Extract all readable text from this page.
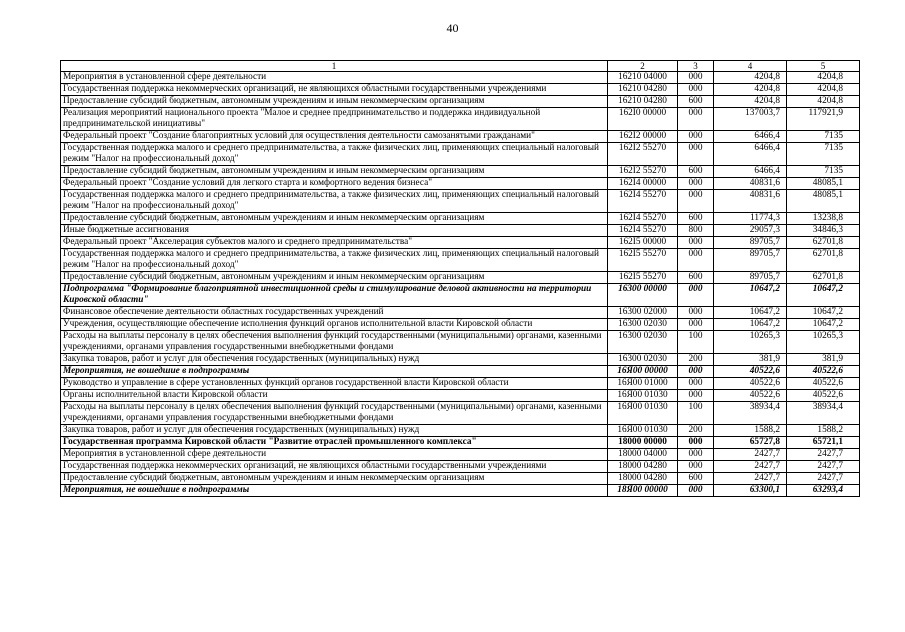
40
1	2	3	4	5
Мероприятия в установленной сфере деятельности	16210 04000	000	4204,8	4204,8
Государственная поддержка некоммерческих организаций, не являющихся областными государственными учреждениями	16210 04280	000	4204,8	4204,8
Предоставление субсидий бюджетным, автономным учреждениям и иным некоммерческим организациям	16210 04280	600	4204,8	4204,8
Реализация мероприятий национального проекта "Малое и среднее предпринимательство и поддержка индивидуальной предпринимательской инициативы"	162I0 00000	000	137003,7	117921,9
Федеральный проект "Создание благоприятных условий для осуществления деятельности самозанятыми гражданами"	162I2 00000	000	6466,4	7135
Государственная поддержка малого и среднего предпринимательства, а также физических лиц, применяющих специальный налоговый режим "Налог на профессиональный доход"	162I2 55270	000	6466,4	7135
Предоставление субсидий бюджетным, автономным учреждениям и иным некоммерческим организациям	162I2 55270	600	6466,4	7135
Федеральный проект "Создание условий для легкого старта и комфортного ведения бизнеса"	162I4 00000	000	40831,6	48085,1
Государственная поддержка малого и среднего предпринимательства, а также физических лиц, применяющих специальный налоговый режим "Налог на профессиональный доход"	162I4 55270	000	40831,6	48085,1
Предоставление субсидий бюджетным, автономным учреждениям и иным некоммерческим организациям	162I4 55270	600	11774,3	13238,8
Иные бюджетные ассигнования	162I4 55270	800	29057,3	34846,3
Федеральный проект "Акселерация субъектов малого и среднего предпринимательства"	162I5 00000	000	89705,7	62701,8
Государственная поддержка малого и среднего предпринимательства, а также физических лиц, применяющих специальный налоговый режим "Налог на профессиональный доход"	162I5 55270	000	89705,7	62701,8
Предоставление субсидий бюджетным, автономным учреждениям и иным некоммерческим организациям	162I5 55270	600	89705,7	62701,8
Подпрограмма "Формирование благоприятной инвестиционной среды и стимулирование деловой активности на территории Кировской области"	16300 00000	000	10647,2	10647,2
Финансовое обеспечение деятельности областных государственных учреждений	16300 02000	000	10647,2	10647,2
Учреждения, осуществляющие обеспечение исполнения функций органов исполнительной власти Кировской области	16300 02030	000	10647,2	10647,2
Расходы на выплаты персоналу в целях обеспечения выполнения функций государственными (муниципальными) органами, казенными учреждениями, органами управления государственными внебюджетными фондами	16300 02030	100	10265,3	10265,3
Закупка товаров, работ и услуг для обеспечения государственных (муниципальных) нужд	16300 02030	200	381,9	381,9
Мероприятия, не вошедшие в подпрограммы	16Я00 00000	000	40522,6	40522,6
Руководство и управление в сфере установленных функций органов государственной власти Кировской области	16Я00 01000	000	40522,6	40522,6
Органы исполнительной власти Кировской области	16Я00 01030	000	40522,6	40522,6
Расходы на выплаты персоналу в целях обеспечения выполнения функций государственными (муниципальными) органами, казенными учреждениями, органами управления государственными внебюджетными фондами	16Я00 01030	100	38934,4	38934,4
Закупка товаров, работ и услуг для обеспечения государственных (муниципальных) нужд	16Я00 01030	200	1588,2	1588,2
Государственная программа Кировской области "Развитие отраслей промышленного комплекса"	18000 00000	000	65727,8	65721,1
Мероприятия в установленной сфере деятельности	18000 04000	000	2427,7	2427,7
Государственная поддержка некоммерческих организаций, не являющихся областными государственными учреждениями	18000 04280	000	2427,7	2427,7
Предоставление субсидий бюджетным, автономным учреждениям и иным некоммерческим организациям	18000 04280	600	2427,7	2427,7
Мероприятия, не вошедшие в подпрограммы	18Я00 00000	000	63300,1	63293,4
